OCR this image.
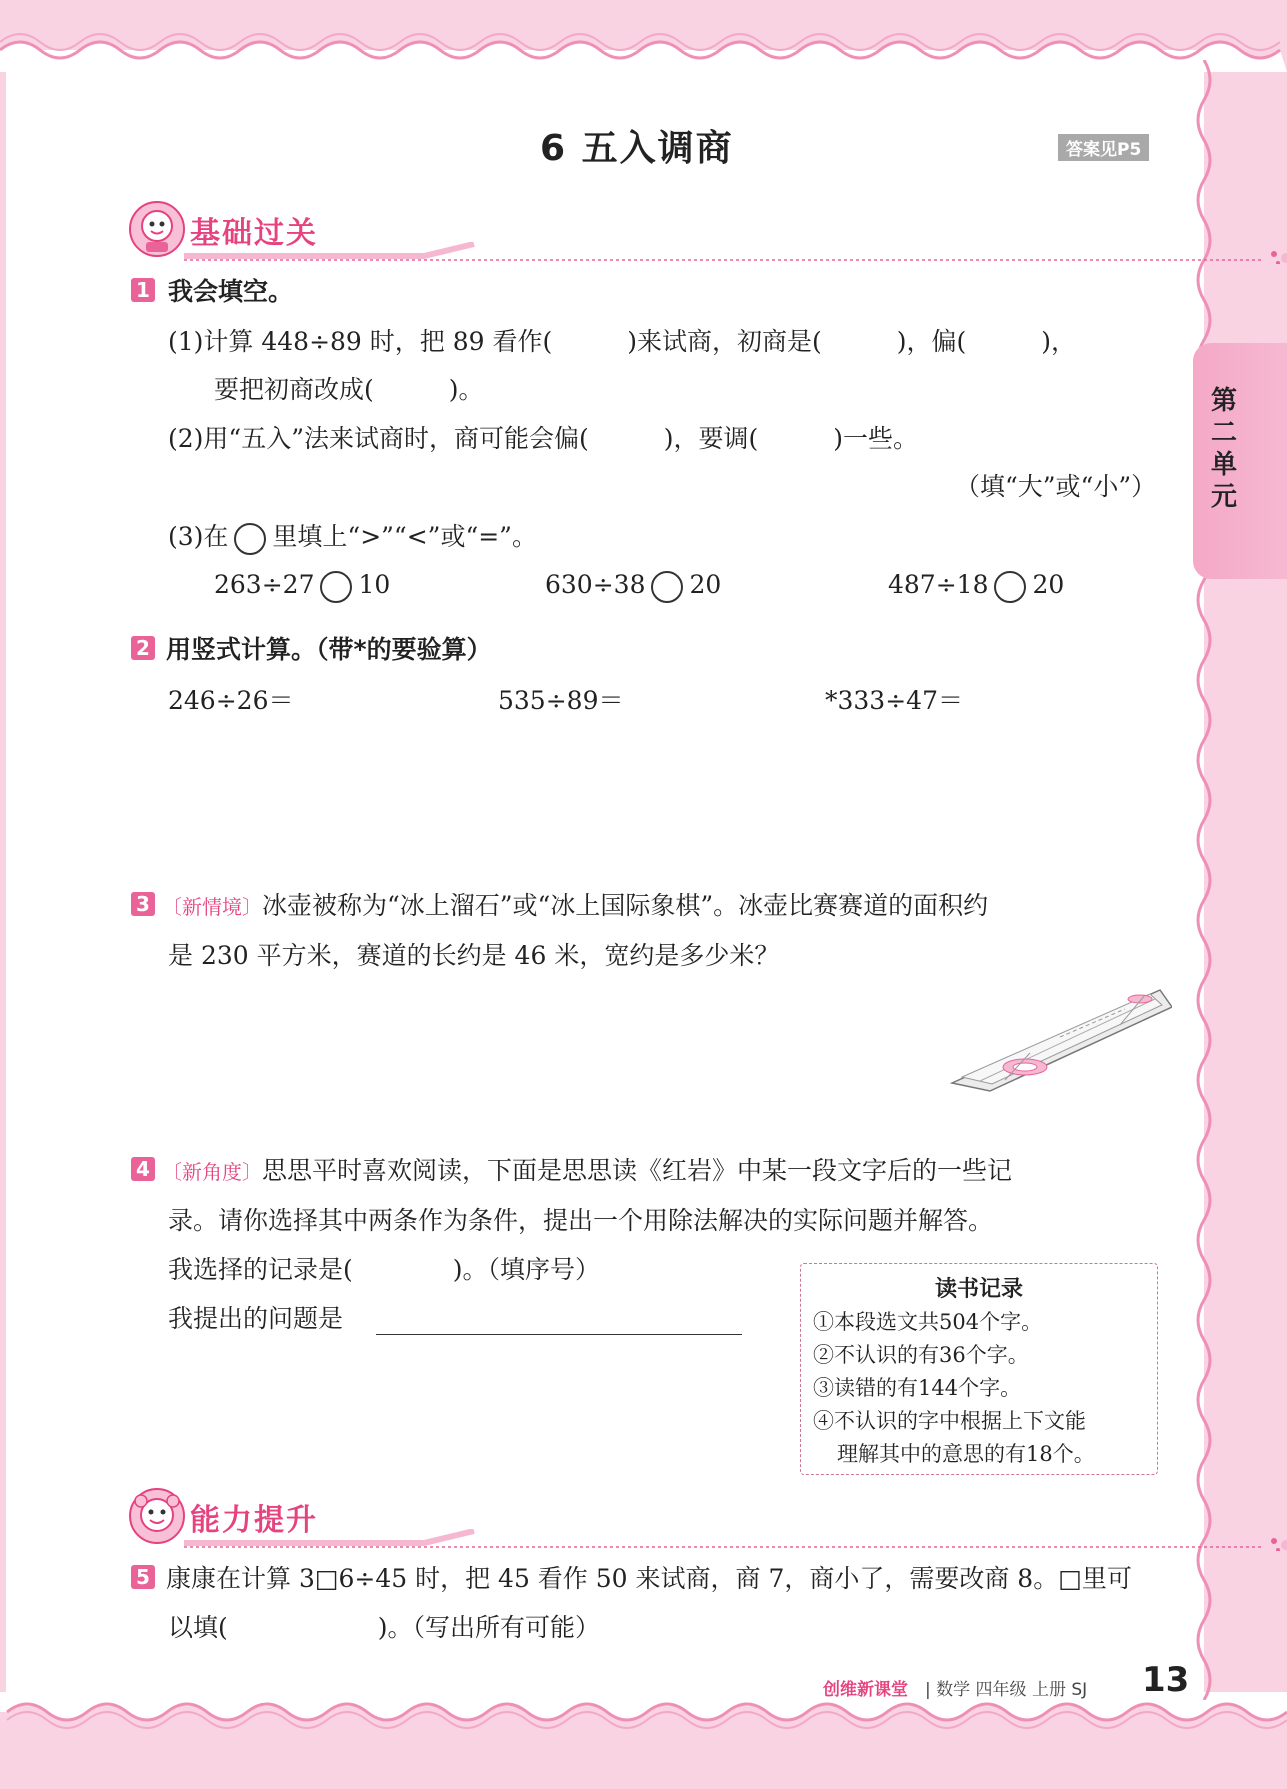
6 五入调商	答案见P5
第二单元
基础过关
1 我会填空。
(1)计算 448÷89 时，把 89 看作(　　　)来试商，初商是(　　　)，偏(　　　)，
要把初商改成(　　　)。
(2)用“五入”法来试商时，商可能会偏(　　　)，要调(　　　)一些。
（填“大”或“小”）
(3)在 里填上“>”“<”或“=”。
263÷27 10	630÷38 20	487÷18 20
2 用竖式计算。（带*的要验算）
246÷26＝	535÷89＝	*333÷47＝
3 〔新情境〕冰壶被称为“冰上溜石”或“冰上国际象棋”。冰壶比赛赛道的面积约
是 230 平方米，赛道的长约是 46 米，宽约是多少米？
4 〔新角度〕思思平时喜欢阅读，下面是思思读《红岩》中某一段文字后的一些记
录。请你选择其中两条作为条件，提出一个用除法解决的实际问题并解答。
我选择的记录是(　　　　)。（填序号）
我提出的问题是
读书记录
①本段选文共504个字。
②不认识的有36个字。
③读错的有144个字。
④不认识的字中根据上下文能
理解其中的意思的有18个。
能力提升
5 康康在计算 3□6÷45 时，把 45 看作 50 来试商，商 7，商小了，需要改商 8。□里可
以填(　　　　　　)。（写出所有可能）
创维新课堂 | 数学 四年级 上册 SJ 13
